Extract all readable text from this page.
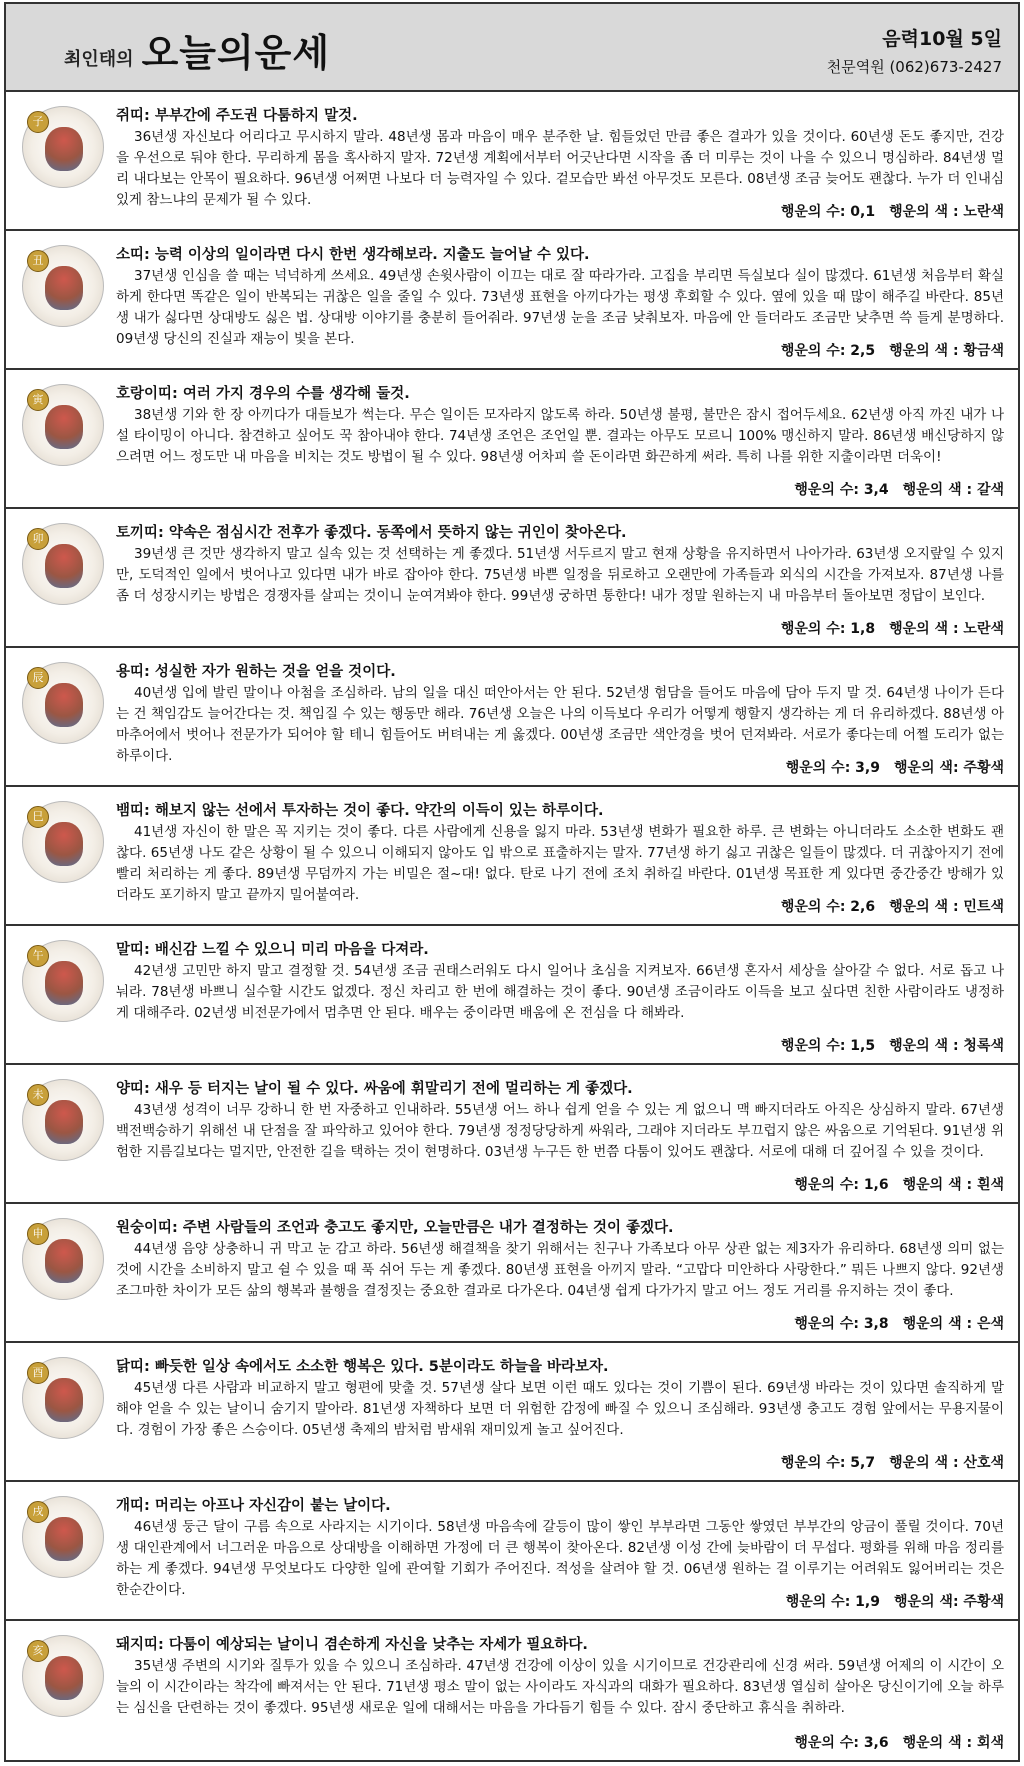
최인태의 오늘의운세	음력10월 5일
천문역원 (062)673-2427
子	쥐띠: 부부간에 주도권 다툼하지 말것.
36년생 자신보다 어리다고 무시하지 말라. 48년생 몸과 마음이 매우 분주한 날. 힘들었던 만큼 좋은 결과가 있을 것이다. 60년생 돈도 좋지만, 건강을 우선으로 둬야 한다. 무리하게 몸을 혹사하지 말자. 72년생 계획에서부터 어긋난다면 시작을 좀 더 미루는 것이 나을 수 있으니 명심하라. 84년생 멀리 내다보는 안목이 필요하다. 96년생 어쩌면 나보다 더 능력자일 수 있다. 겉모습만 봐선 아무것도 모른다. 08년생 조금 늦어도 괜찮다. 누가 더 인내심 있게 참느냐의 문제가 될 수 있다.
행운의 수: 0,1 행운의 색 : 노란색
丑	소띠: 능력 이상의 일이라면 다시 한번 생각해보라. 지출도 늘어날 수 있다.
37년생 인심을 쓸 때는 넉넉하게 쓰세요. 49년생 손윗사람이 이끄는 대로 잘 따라가라. 고집을 부리면 득실보다 실이 많겠다. 61년생 처음부터 확실하게 한다면 똑같은 일이 반복되는 귀찮은 일을 줄일 수 있다. 73년생 표현을 아끼다가는 평생 후회할 수 있다. 옆에 있을 때 많이 해주길 바란다. 85년생 내가 싫다면 상대방도 싫은 법. 상대방 이야기를 충분히 들어줘라. 97년생 눈을 조금 낮춰보자. 마음에 안 들더라도 조금만 낮추면 쓱 들게 분명하다. 09년생 당신의 진실과 재능이 빛을 본다.
행운의 수: 2,5 행운의 색 : 황금색
寅	호랑이띠: 여러 가지 경우의 수를 생각해 둘것.
38년생 기와 한 장 아끼다가 대들보가 썩는다. 무슨 일이든 모자라지 않도록 하라. 50년생 불평, 불만은 잠시 접어두세요. 62년생 아직 까진 내가 나설 타이밍이 아니다. 참견하고 싶어도 꾹 참아내야 한다. 74년생 조언은 조언일 뿐. 결과는 아무도 모르니 100% 맹신하지 말라. 86년생 배신당하지 않으려면 어느 정도만 내 마음을 비치는 것도 방법이 될 수 있다. 98년생 어차피 쓸 돈이라면 화끈하게 써라. 특히 나를 위한 지출이라면 더욱이!
행운의 수: 3,4 행운의 색 : 갈색
卯	토끼띠: 약속은 점심시간 전후가 좋겠다. 동쪽에서 뜻하지 않는 귀인이 찾아온다.
39년생 큰 것만 생각하지 말고 실속 있는 것 선택하는 게 좋겠다. 51년생 서두르지 말고 현재 상황을 유지하면서 나아가라. 63년생 오지랖일 수 있지만, 도덕적인 일에서 벗어나고 있다면 내가 바로 잡아야 한다. 75년생 바쁜 일정을 뒤로하고 오랜만에 가족들과 외식의 시간을 가져보자. 87년생 나를 좀 더 성장시키는 방법은 경쟁자를 살피는 것이니 눈여겨봐야 한다. 99년생 궁하면 통한다! 내가 정말 원하는지 내 마음부터 돌아보면 정답이 보인다.
행운의 수: 1,8 행운의 색 : 노란색
辰	용띠: 성실한 자가 원하는 것을 얻을 것이다.
40년생 입에 발린 말이나 아첨을 조심하라. 남의 일을 대신 떠안아서는 안 된다. 52년생 험담을 들어도 마음에 담아 두지 말 것. 64년생 나이가 든다는 건 책임감도 늘어간다는 것. 책임질 수 있는 행동만 해라. 76년생 오늘은 나의 이득보다 우리가 어떻게 행할지 생각하는 게 더 유리하겠다. 88년생 아마추어에서 벗어나 전문가가 되어야 할 테니 힘들어도 버텨내는 게 옳겠다. 00년생 조금만 색안경을 벗어 던져봐라. 서로가 좋다는데 어쩔 도리가 없는 하루이다.
행운의 수: 3,9 행운의 색: 주황색
巳	뱀띠: 해보지 않는 선에서 투자하는 것이 좋다. 약간의 이득이 있는 하루이다.
41년생 자신이 한 말은 꼭 지키는 것이 좋다. 다른 사람에게 신용을 잃지 마라. 53년생 변화가 필요한 하루. 큰 변화는 아니더라도 소소한 변화도 괜찮다. 65년생 나도 같은 상황이 될 수 있으니 이해되지 않아도 입 밖으로 표출하지는 말자. 77년생 하기 싫고 귀찮은 일들이 많겠다. 더 귀찮아지기 전에 빨리 처리하는 게 좋다. 89년생 무덤까지 가는 비밀은 절~대! 없다. 탄로 나기 전에 조치 취하길 바란다. 01년생 목표한 게 있다면 중간중간 방해가 있더라도 포기하지 말고 끝까지 밀어붙여라.
행운의 수: 2,6 행운의 색 : 민트색
午	말띠: 배신감 느낄 수 있으니 미리 마음을 다져라.
42년생 고민만 하지 말고 결정할 것. 54년생 조금 권태스러워도 다시 일어나 초심을 지켜보자. 66년생 혼자서 세상을 살아갈 수 없다. 서로 돕고 나눠라. 78년생 바쁘니 실수할 시간도 없겠다. 정신 차리고 한 번에 해결하는 것이 좋다. 90년생 조금이라도 이득을 보고 싶다면 친한 사람이라도 냉정하게 대해주라. 02년생 비전문가에서 멈추면 안 된다. 배우는 중이라면 배움에 온 전심을 다 해봐라.
행운의 수: 1,5 행운의 색 : 청록색
未	양띠: 새우 등 터지는 날이 될 수 있다. 싸움에 휘말리기 전에 멀리하는 게 좋겠다.
43년생 성격이 너무 강하니 한 번 자중하고 인내하라. 55년생 어느 하나 쉽게 얻을 수 있는 게 없으니 맥 빠지더라도 아직은 상심하지 말라. 67년생 백전백승하기 위해선 내 단점을 잘 파악하고 있어야 한다. 79년생 정정당당하게 싸워라, 그래야 지더라도 부끄럽지 않은 싸움으로 기억된다. 91년생 위험한 지름길보다는 멀지만, 안전한 길을 택하는 것이 현명하다. 03년생 누구든 한 번쯤 다툼이 있어도 괜찮다. 서로에 대해 더 깊어질 수 있을 것이다.
행운의 수: 1,6 행운의 색 : 흰색
申	원숭이띠: 주변 사람들의 조언과 충고도 좋지만, 오늘만큼은 내가 결정하는 것이 좋겠다.
44년생 음양 상충하니 귀 막고 눈 감고 하라. 56년생 해결책을 찾기 위해서는 친구나 가족보다 아무 상관 없는 제3자가 유리하다. 68년생 의미 없는 것에 시간을 소비하지 말고 쉴 수 있을 때 푹 쉬어 두는 게 좋겠다. 80년생 표현을 아끼지 말라. “고맙다 미안하다 사랑한다.” 뭐든 나쁘지 않다. 92년생 조그마한 차이가 모든 삶의 행복과 불행을 결정짓는 중요한 결과로 다가온다. 04년생 쉽게 다가가지 말고 어느 정도 거리를 유지하는 것이 좋다.
행운의 수: 3,8 행운의 색 : 은색
酉	닭띠: 빠듯한 일상 속에서도 소소한 행복은 있다. 5분이라도 하늘을 바라보자.
45년생 다른 사람과 비교하지 말고 형편에 맞출 것. 57년생 살다 보면 이런 때도 있다는 것이 기쁨이 된다. 69년생 바라는 것이 있다면 솔직하게 말해야 얻을 수 있는 날이니 숨기지 말아라. 81년생 자책하다 보면 더 위험한 감정에 빠질 수 있으니 조심해라. 93년생 충고도 경험 앞에서는 무용지물이다. 경험이 가장 좋은 스승이다. 05년생 축제의 밤처럼 밤새워 재미있게 놀고 싶어진다.
행운의 수: 5,7 행운의 색 : 산호색
戌	개띠: 머리는 아프나 자신감이 붙는 날이다.
46년생 둥근 달이 구름 속으로 사라지는 시기이다. 58년생 마음속에 갈등이 많이 쌓인 부부라면 그동안 쌓였던 부부간의 앙금이 풀릴 것이다. 70년생 대인관계에서 너그러운 마음으로 상대방을 이해하면 가정에 더 큰 행복이 찾아온다. 82년생 이성 간에 늦바람이 더 무섭다. 평화를 위해 마음 정리를 하는 게 좋겠다. 94년생 무엇보다도 다양한 일에 관여할 기회가 주어진다. 적성을 살려야 할 것. 06년생 원하는 걸 이루기는 어려워도 잃어버리는 것은 한순간이다.
행운의 수: 1,9 행운의 색: 주황색
亥	돼지띠: 다툼이 예상되는 날이니 겸손하게 자신을 낮추는 자세가 필요하다.
35년생 주변의 시기와 질투가 있을 수 있으니 조심하라. 47년생 건강에 이상이 있을 시기이므로 건강관리에 신경 써라. 59년생 어제의 이 시간이 오늘의 이 시간이라는 착각에 빠져서는 안 된다. 71년생 평소 말이 없는 사이라도 자식과의 대화가 필요하다. 83년생 열심히 살아온 당신이기에 오늘 하루는 심신을 단련하는 것이 좋겠다. 95년생 새로운 일에 대해서는 마음을 가다듬기 힘들 수 있다. 잠시 중단하고 휴식을 취하라.
행운의 수: 3,6 행운의 색 : 회색
